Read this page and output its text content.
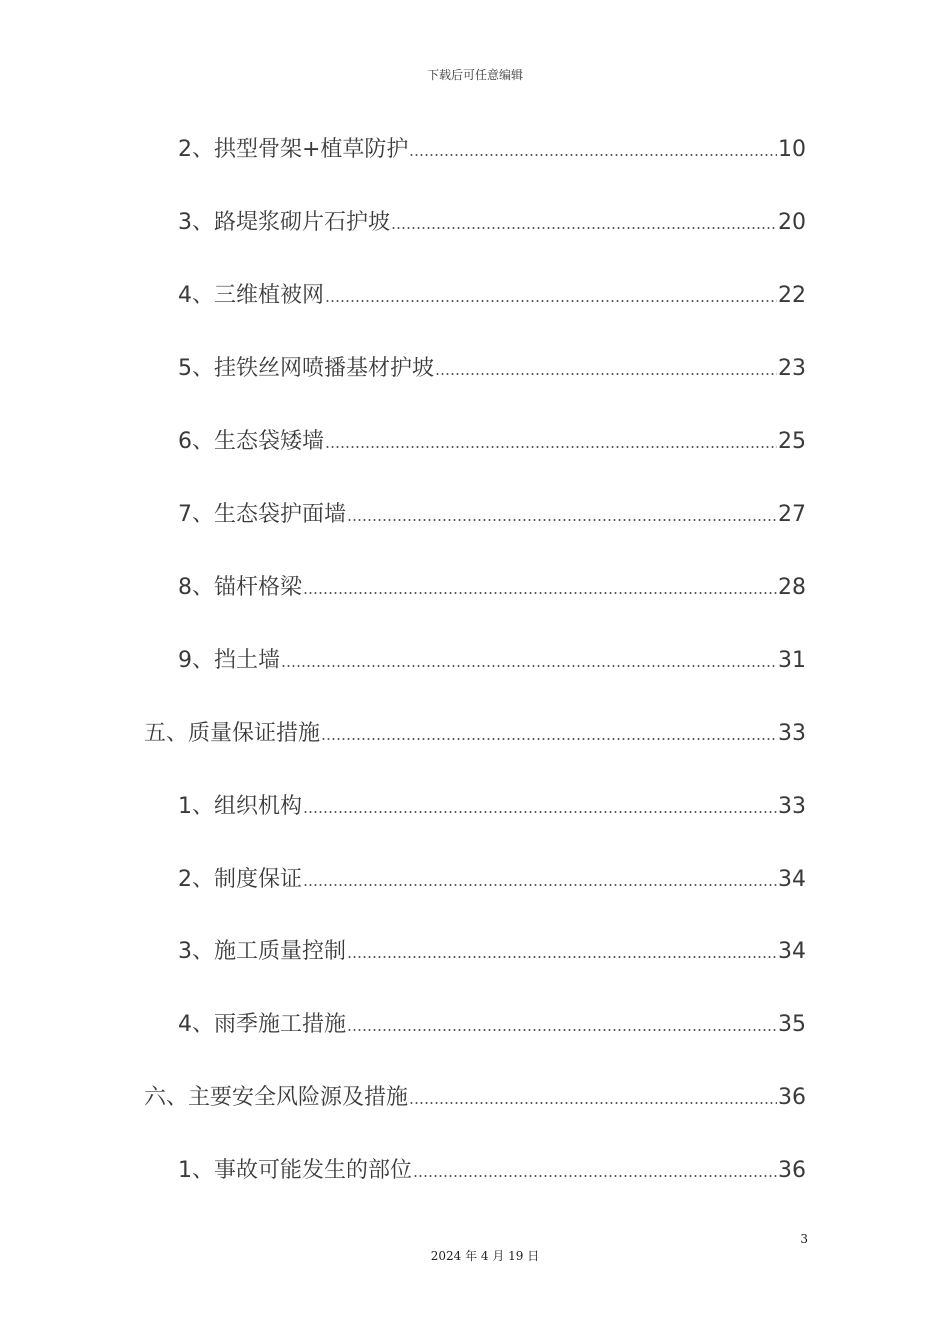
下载后可任意编辑
2、拱型骨架+植草防护	10
3、路堤浆砌片石护坡	20
4、三维植被网	22
5、挂铁丝网喷播基材护坡	23
6、生态袋矮墙	25
7、生态袋护面墙	27
8、锚杆格梁	28
9、挡土墙	31
五、质量保证措施	33
1、组织机构	33
2、制度保证	34
3、施工质量控制	34
4、雨季施工措施	35
六、主要安全风险源及措施	36
1、事故可能发生的部位	36
3
2024 年 4 月 19 日
